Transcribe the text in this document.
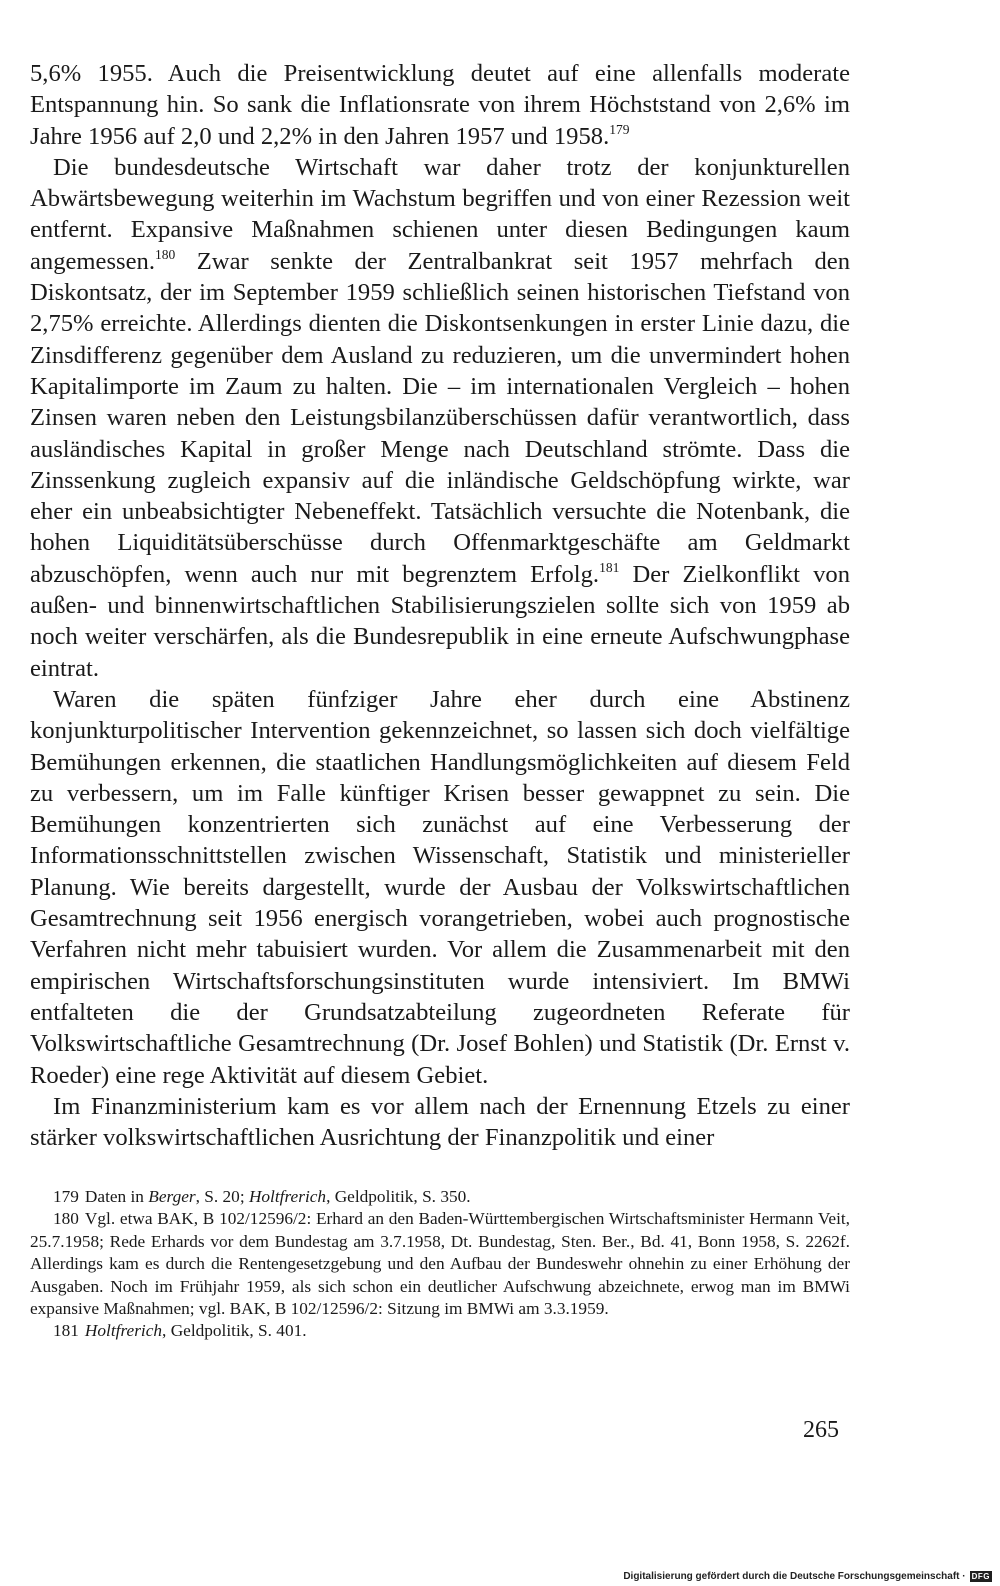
5,6% 1955. Auch die Preisentwicklung deutet auf eine allenfalls moderate Entspannung hin. So sank die Inflationsrate von ihrem Höchststand von 2,6% im Jahre 1956 auf 2,0 und 2,2% in den Jahren 1957 und 1958.$^{179}$

Die bundesdeutsche Wirtschaft war daher trotz der konjunkturellen Abwärtsbewegung weiterhin im Wachstum begriffen und von einer Rezession weit entfernt. Expansive Maßnahmen schienen unter diesen Bedingungen kaum angemessen.$^{180}$ Zwar senkte der Zentralbankrat seit 1957 mehrfach den Diskontsatz, der im September 1959 schließlich seinen historischen Tiefstand von 2,75% erreichte. Allerdings dienten die Diskontsenkungen in erster Linie dazu, die Zinsdifferenz gegenüber dem Ausland zu reduzieren, um die unvermindert hohen Kapitalimporte im Zaum zu halten. Die – im internationalen Vergleich – hohen Zinsen waren neben den Leistungsbilanzüberschüssen dafür verantwortlich, dass ausländisches Kapital in großer Menge nach Deutschland strömte. Dass die Zinssenkung zugleich expansiv auf die inländische Geldschöpfung wirkte, war eher ein unbeabsichtigter Nebeneffekt. Tatsächlich versuchte die Notenbank, die hohen Liquiditätsüberschüsse durch Offenmarktgeschäfte am Geldmarkt abzuschöpfen, wenn auch nur mit begrenztem Erfolg.$^{181}$ Der Zielkonflikt von außen- und binnenwirtschaftlichen Stabilisierungszielen sollte sich von 1959 ab noch weiter verschärfen, als die Bundesrepublik in eine erneute Aufschwungphase eintrat.

Waren die späten fünfziger Jahre eher durch eine Abstinenz konjunkturpolitischer Intervention gekennzeichnet, so lassen sich doch vielfältige Bemühungen erkennen, die staatlichen Handlungsmöglichkeiten auf diesem Feld zu verbessern, um im Falle künftiger Krisen besser gewappnet zu sein. Die Bemühungen konzentrierten sich zunächst auf eine Verbesserung der Informationsschnittstellen zwischen Wissenschaft, Statistik und ministerieller Planung. Wie bereits dargestellt, wurde der Ausbau der Volkswirtschaftlichen Gesamtrechnung seit 1956 energisch vorangetrieben, wobei auch prognostische Verfahren nicht mehr tabuisiert wurden. Vor allem die Zusammenarbeit mit den empirischen Wirtschaftsforschungsinstituten wurde intensiviert. Im BMWi entfalteten die der Grundsatzabteilung zugeordneten Referate für Volkswirtschaftliche Gesamtrechnung (Dr. Josef Bohlen) und Statistik (Dr. Ernst v. Roeder) eine rege Aktivität auf diesem Gebiet.

Im Finanzministerium kam es vor allem nach der Ernennung Etzels zu einer stärker volkswirtschaftlichen Ausrichtung der Finanzpolitik und einer

179 Daten in Berger, S. 20; Holtfrerich, Geldpolitik, S. 350.

180 Vgl. etwa BAK, B 102/12596/2: Erhard an den Baden-Württembergischen Wirtschaftsminister Hermann Veit, 25.7.1958; Rede Erhards vor dem Bundestag am 3.7.1958, Dt. Bundestag, Sten. Ber., Bd. 41, Bonn 1958, S. 2262f. Allerdings kam es durch die Rentengesetzgebung und den Aufbau der Bundeswehr ohnehin zu einer Erhöhung der Ausgaben. Noch im Frühjahr 1959, als sich schon ein deutlicher Aufschwung abzeichnete, erwog man im BMWi expansive Maßnahmen; vgl. BAK, B 102/12596/2: Sitzung im BMWi am 3.3.1959.

181 Holtfrerich, Geldpolitik, S. 401.

265
Digitalisierung gefördert durch die Deutsche Forschungsgemeinschaft · DFG
